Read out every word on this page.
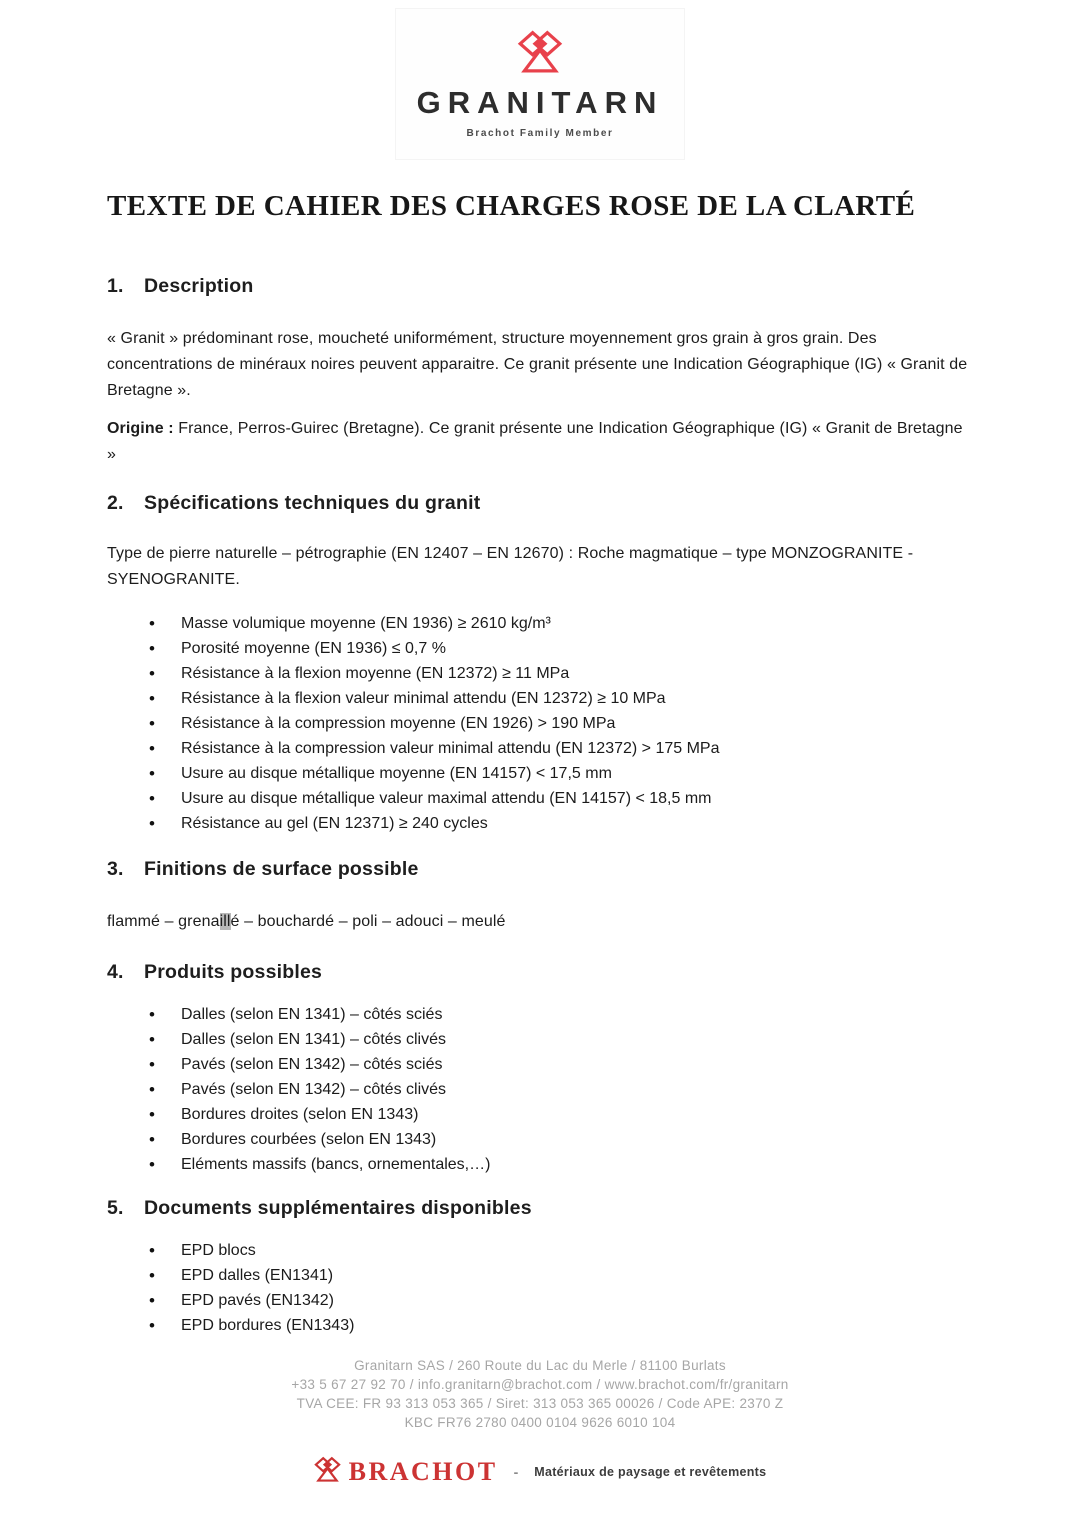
GRANITARN
Brachot Family Member
TEXTE DE CAHIER DES CHARGES ROSE DE LA CLARTÉ
1.	Description

« Granit » prédominant rose, moucheté uniformément, structure moyennement gros grain à gros grain. Des concentrations de minéraux noires peuvent apparaitre. Ce granit présente une Indication Géographique (IG) « Granit de Bretagne ».

Origine : France, Perros-Guirec (Bretagne). Ce granit présente une Indication Géographique (IG) « Granit de Bretagne »

2.	Spécifications techniques du granit

Type de pierre naturelle – pétrographie (EN 12407 – EN 12670) : Roche magmatique – type MONZOGRANITE - SYENOGRANITE.

• Masse volumique moyenne (EN 1936) ≥ 2610 kg/m³
• Porosité moyenne (EN 1936) ≤ 0,7 %
• Résistance à la flexion moyenne (EN 12372) ≥ 11 MPa
• Résistance à la flexion valeur minimal attendu (EN 12372) ≥ 10 MPa
• Résistance à la compression moyenne (EN 1926) > 190 MPa
• Résistance à la compression valeur minimal attendu (EN 12372) > 175 MPa
• Usure au disque métallique moyenne (EN 14157) < 17,5 mm
• Usure au disque métallique valeur maximal attendu (EN 14157) < 18,5 mm
• Résistance au gel (EN 12371) ≥ 240 cycles
3.	Finitions de surface possible

flammé – grenaillé – bouchardé – poli – adouci – meulé

4.	Produits possibles
• Dalles (selon EN 1341) – côtés sciés
• Dalles (selon EN 1341) – côtés clivés
• Pavés (selon EN 1342) – côtés sciés
• Pavés (selon EN 1342) – côtés clivés
• Bordures droites (selon EN 1343)
• Bordures courbées (selon EN 1343)
• Eléments massifs (bancs, ornementales,…)
5.	Documents supplémentaires disponibles
• EPD blocs
• EPD dalles (EN1341)
• EPD pavés (EN1342)
• EPD bordures (EN1343)
Granitarn SAS / 260 Route du Lac du Merle / 81100 Burlats
+33 5 67 27 92 70 / info.granitarn@brachot.com / www.brachot.com/fr/granitarn
TVA CEE: FR 93 313 053 365 / Siret: 313 053 365 00026 / Code APE: 2370 Z
KBC FR76 2780 0400 0104 9626 6010 104
BRACHOT -	Matériaux de paysage et revêtements
